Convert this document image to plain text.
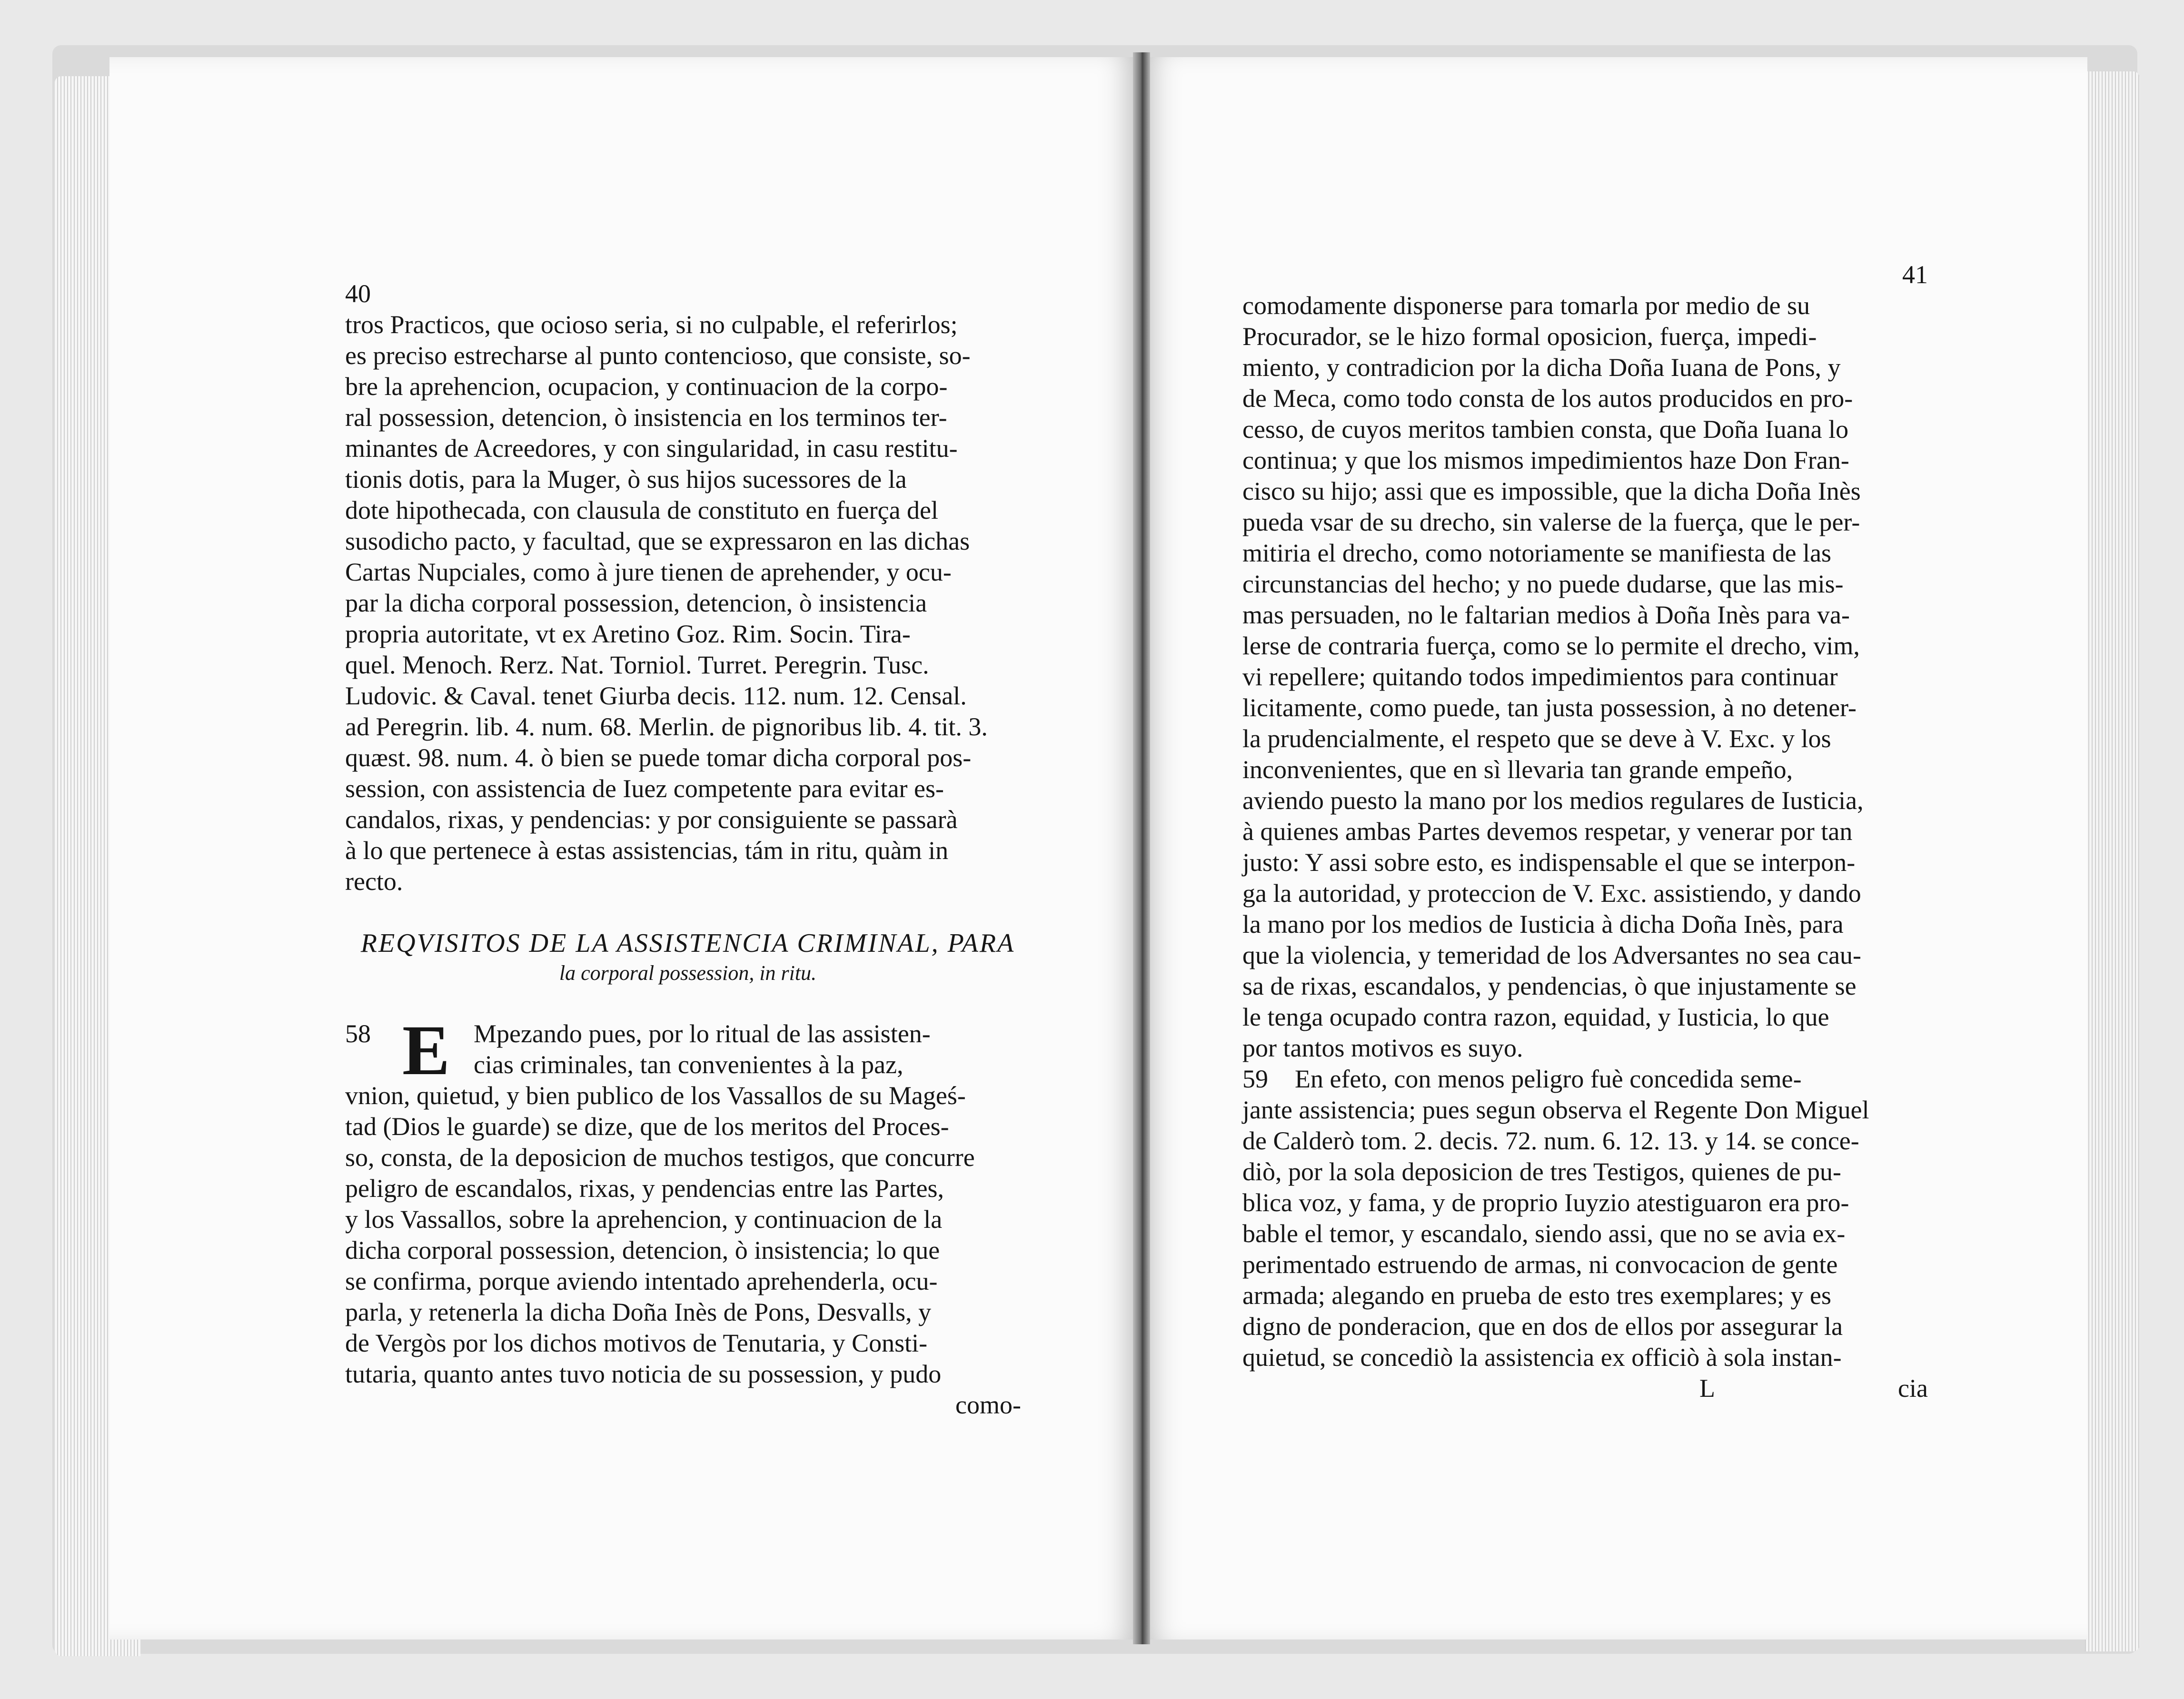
40
tros Practicos, que ocioso seria, si no culpable, el referirlos;
es preciso estrecharse al punto contencioso, que consiste, so-
bre la aprehencion, ocupacion, y continuacion de la corpo-
ral possession, detencion, ò insistencia en los terminos ter-
minantes de Acreedores, y con singularidad, in casu restitu-
tionis dotis, para la Muger, ò sus hijos sucessores de la
dote hipothecada, con clausula de constituto en fuerça del
susodicho pacto, y facultad, que se expressaron en las dichas
Cartas Nupciales, como à jure tienen de aprehender, y ocu-
par la dicha corporal possession, detencion, ò insistencia
propria autoritate, vt ex Aretino Goz. Rim. Socin. Tira-
quel. Menoch. Rerz. Nat. Torniol. Turret. Peregrin. Tusc.
Ludovic. & Caval. tenet Giurba decis. 112. num. 12. Censal.
ad Peregrin. lib. 4. num. 68. Merlin. de pignoribus lib. 4. tit. 3.
quæst. 98. num. 4. ò bien se puede tomar dicha corporal pos-
session, con assistencia de Iuez competente para evitar es-
candalos, rixas, y pendencias: y por consiguiente se passarà
à lo que pertenece à estas assistencias, tám in ritu, quàm in
recto.
REQVISITOS DE LA ASSISTENCIA CRIMINAL, PARA
la corporal possession, in ritu.
E
58	Mpezando pues, por lo ritual de las assisten-
cias criminales, tan convenientes à la paz,
vnion, quietud, y bien publico de los Vassallos de su Mageś-
tad (Dios le guarde) se dize, que de los meritos del Proces-
so, consta, de la deposicion de muchos testigos, que concurre
peligro de escandalos, rixas, y pendencias entre las Partes,
y los Vassallos, sobre la aprehencion, y continuacion de la
dicha corporal possession, detencion, ò insistencia; lo que
se confirma, porque aviendo intentado aprehenderla, ocu-
parla, y retenerla la dicha Doña Inès de Pons, Desvalls, y
de Vergòs por los dichos motivos de Tenutaria, y Consti-
tutaria, quanto antes tuvo noticia de su possession, y pudo
como-
41
comodamente disponerse para tomarla por medio de su
Procurador, se le hizo formal oposicion, fuerça, impedi-
miento, y contradicion por la dicha Doña Iuana de Pons, y
de Meca, como todo consta de los autos producidos en pro-
cesso, de cuyos meritos tambien consta, que Doña Iuana lo
continua; y que los mismos impedimientos haze Don Fran-
cisco su hijo; assi que es impossible, que la dicha Doña Inès
pueda vsar de su drecho, sin valerse de la fuerça, que le per-
mitiria el drecho, como notoriamente se manifiesta de las
circunstancias del hecho; y no puede dudarse, que las mis-
mas persuaden, no le faltarian medios à Doña Inès para va-
lerse de contraria fuerça, como se lo permite el drecho, vim,
vi repellere; quitando todos impedimientos para continuar
licitamente, como puede, tan justa possession, à no detener-
la prudencialmente, el respeto que se deve à V. Exc. y los
inconvenientes, que en sì llevaria tan grande empeño,
aviendo puesto la mano por los medios regulares de Iusticia,
à quienes ambas Partes devemos respetar, y venerar por tan
justo: Y assi sobre esto, es indispensable el que se interpon-
ga la autoridad, y proteccion de V. Exc. assistiendo, y dando
la mano por los medios de Iusticia à dicha Doña Inès, para
que la violencia, y temeridad de los Adversantes no sea cau-
sa de rixas, escandalos, y pendencias, ò que injustamente se
le tenga ocupado contra razon, equidad, y Iusticia, lo que
por tantos motivos es suyo.
59 En efeto, con menos peligro fuè concedida seme-
jante assistencia; pues segun observa el Regente Don Miguel
de Calderò tom. 2. decis. 72. num. 6. 12. 13. y 14. se conce-
diò, por la sola deposicion de tres Testigos, quienes de pu-
blica voz, y fama, y de proprio Iuyzio atestiguaron era pro-
bable el temor, y escandalo, siendo assi, que no se avia ex-
perimentado estruendo de armas, ni convocacion de gente
armada; alegando en prueba de esto tres exemplares; y es
digno de ponderacion, que en dos de ellos por assegurar la
quietud, se concediò la assistencia ex officiò à sola instan-
L	cia
